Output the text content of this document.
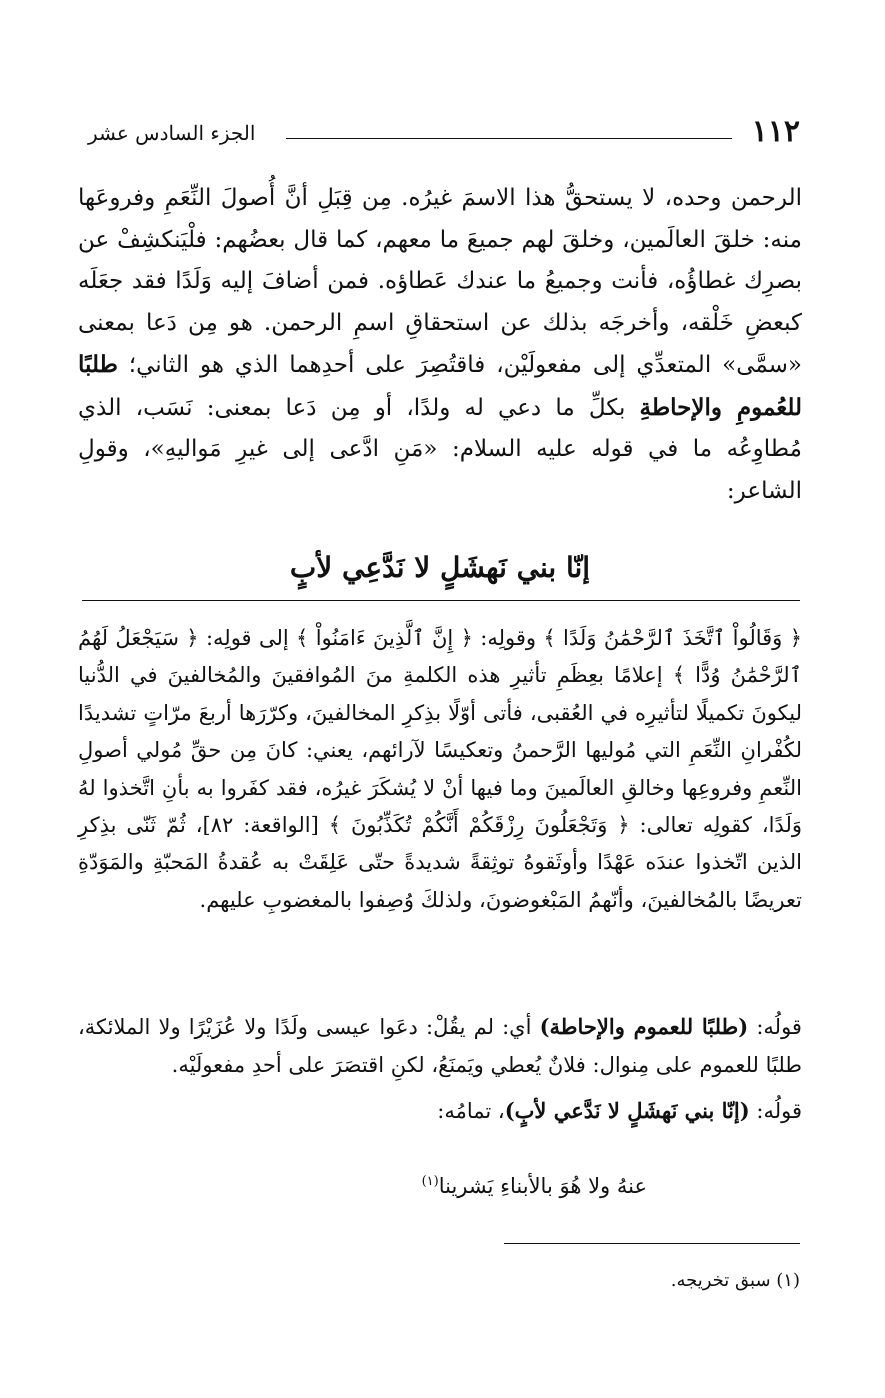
١١٢
الجزء السادس عشر

الرحمن وحده، لا يستحقُّ هذا الاسمَ غيرُه. مِن قِبَلِ أنَّ أُصولَ النِّعَمِ وفروعَها منه: خلقَ العالَمين، وخلقَ لهم جميعَ ما معهم، كما قال بعضُهم: فلْيَنكشِفْ عن بصرِك غطاؤُه، فأنت وجميعُ ما عندك عَطاؤه. فمن أضافَ إليه وَلَدًا فقد جعَلَه كبعضِ خَلْقه، وأخرجَه بذلك عن استحقاقِ اسمِ الرحمن. هو مِن دَعا بمعنى «سمَّى» المتعدِّي إلى مفعولَيْن، فاقتُصِرَ على أحدِهما الذي هو الثاني؛ طلبًا للعُمومِ والإحاطةِ بكلِّ ما دعي له ولدًا، أو مِن دَعا بمعنى: نَسَب، الذي مُطاوِعُه ما في قوله عليه السلام: «مَنِ ادَّعى إلى غيرِ مَواليهِ»، وقولِ الشاعر:

إنّا بني نَهشَلٍ لا نَدَّعِي لأبٍ

﴿ وَقَالُواْ ٱتَّخَذَ ٱلرَّحْمَٰنُ وَلَدًا ﴾ وقولِه: ﴿ إِنَّ ٱلَّذِينَ ءَامَنُواْ ﴾ إلى قولِه: ﴿ سَيَجْعَلُ لَهُمُ ٱلرَّحْمَٰنُ وُدًّا ﴾ إعلامًا بعِظَمِ تأثيرِ هذه الكلمةِ منَ المُوافقينَ والمُخالفينَ في الدُّنيا ليكونَ تكميلًا لتأثيرِه في العُقبى، فأتى أوّلًا بذِكرِ المخالفينَ، وكرّرَها أربعَ مرّاتٍ تشديدًا لكُفْرانِ النِّعَمِ التي مُوليها الرَّحمنُ وتعكيسًا لآرائهم، يعني: كانَ مِن حقِّ مُولي أصولِ النِّعمِ وفروعِها وخالقِ العالَمينَ وما فيها أنْ لا يُشكَرَ غيرُه، فقد كفَروا به بأنِ اتَّخذوا لهُ وَلَدًا، كقولِه تعالى: ﴿ وَتَجْعَلُونَ رِزْقَكُمْ أَنَّكُمْ تُكَذِّبُونَ ﴾ [الواقعة: ٨٢]، ثُمّ ثَنّى بذِكرِ الذين اتّخذوا عندَه عَهْدًا وأوثَقوهُ توثِقةً شديدةً حتّى عَلِقَتْ به عُقدةُ المَحبّةِ والمَوَدّةِ تعريضًا بالمُخالفينَ، وأنّهمُ المَبْغوضونَ، ولذلكَ وُصِفوا بالمغضوبِ عليهم.

قولُه: (طلبًا للعموم والإحاطة) أي: لم يقُلْ: دعَوا عيسى ولَدًا ولا عُزَيْرًا ولا الملائكة، طلبًا للعموم على مِنوال: فلانٌ يُعطي ويَمنَعُ، لكنِ اقتصَرَ على أحدِ مفعولَيْه.

قولُه: (إنّا بني نَهشَلٍ لا نَدَّعي لأبٍ)، تمامُه:

عنهُ ولا هُوَ بالأبناءِ يَشرينا$^{(١)}$
(١) سبق تخريجه.
